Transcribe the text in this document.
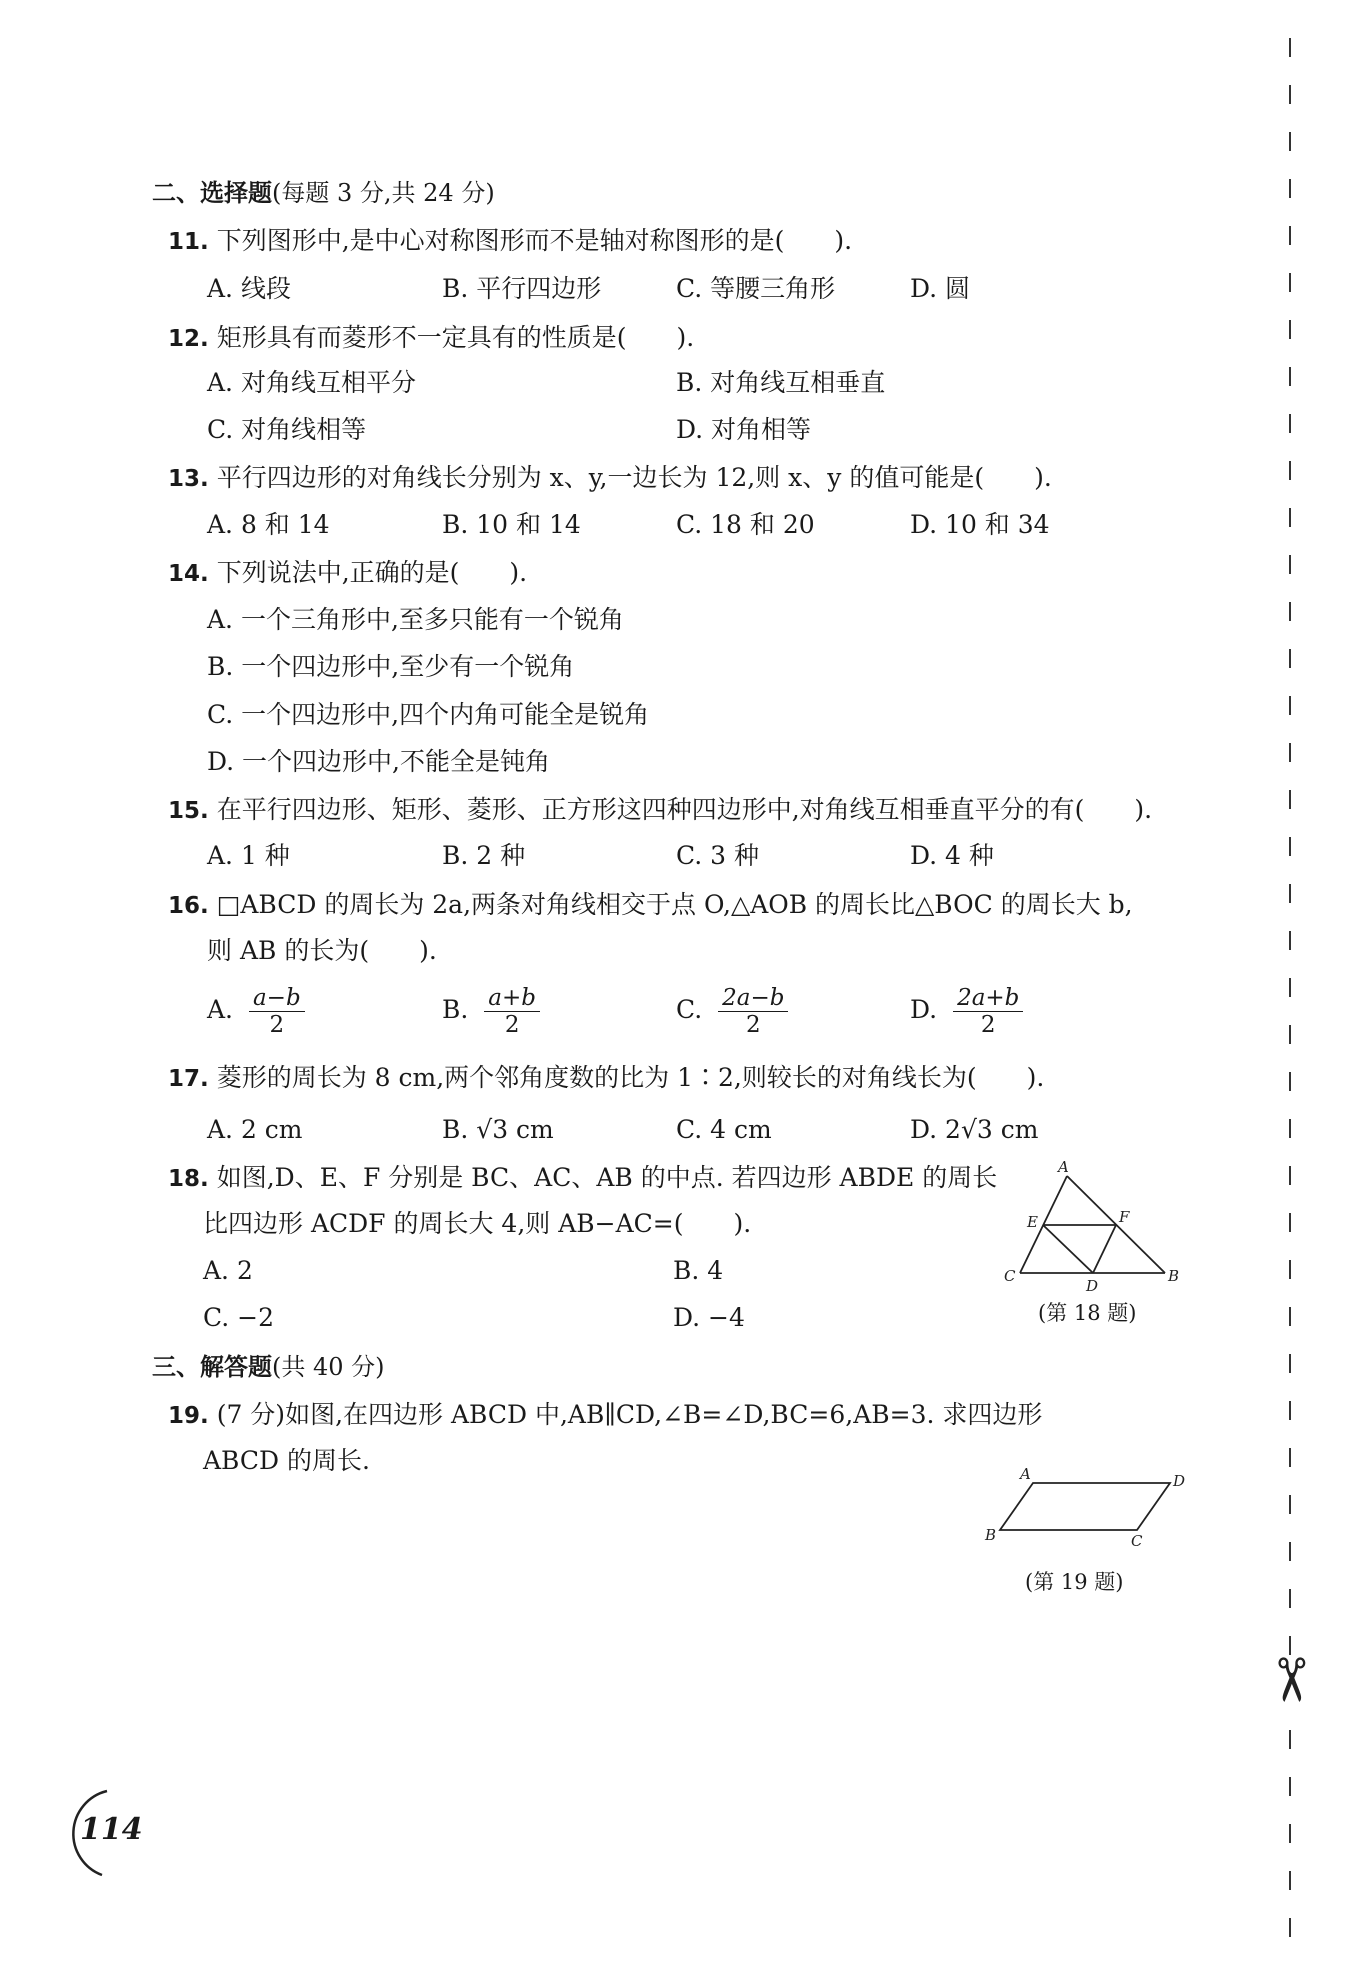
二、选择题(每题 3 分,共 24 分)
11. 下列图形中,是中心对称图形而不是轴对称图形的是(　　).
A. 线段	B. 平行四边形	C. 等腰三角形	D. 圆
12. 矩形具有而菱形不一定具有的性质是(　　).
A. 对角线互相平分	B. 对角线互相垂直
C. 对角线相等	D. 对角相等
13. 平行四边形的对角线长分别为 x、y,一边长为 12,则 x、y 的值可能是(　　).
A. 8 和 14	B. 10 和 14	C. 18 和 20	D. 10 和 34
14. 下列说法中,正确的是(　　).
A. 一个三角形中,至多只能有一个锐角
B. 一个四边形中,至少有一个锐角
C. 一个四边形中,四个内角可能全是锐角
D. 一个四边形中,不能全是钝角
15. 在平行四边形、矩形、菱形、正方形这四种四边形中,对角线互相垂直平分的有(　　).
A. 1 种	B. 2 种	C. 3 种	D. 4 种
16. □ABCD 的周长为 2a,两条对角线相交于点 O,△AOB 的周长比△BOC 的周长大 b,
则 AB 的长为(　　).
A. $\frac{a-b}{2}$	B. $\frac{a+b}{2}$	C. $\frac{2a-b}{2}$	D. $\frac{2a+b}{2}$
17. 菱形的周长为 8 cm,两个邻角度数的比为 1∶2,则较长的对角线长为(　　).
A. 2 cm	B. √3 cm	C. 4 cm	D. 2√3 cm
18. 如图,D、E、F 分别是 BC、AC、AB 的中点. 若四边形 ABDE 的周长
比四边形 ACDF 的周长大 4,则 AB−AC=(　　).
A. 2	B. 4
C. −2	D. −4
A
E	F
C
D
B
(第 18 题)
三、解答题(共 40 分)
19. (7 分)如图,在四边形 ABCD 中,AB∥CD,∠B=∠D,BC=6,AB=3. 求四边形
ABCD 的周长.	A	D
B	C
(第 19 题)
114
✂
